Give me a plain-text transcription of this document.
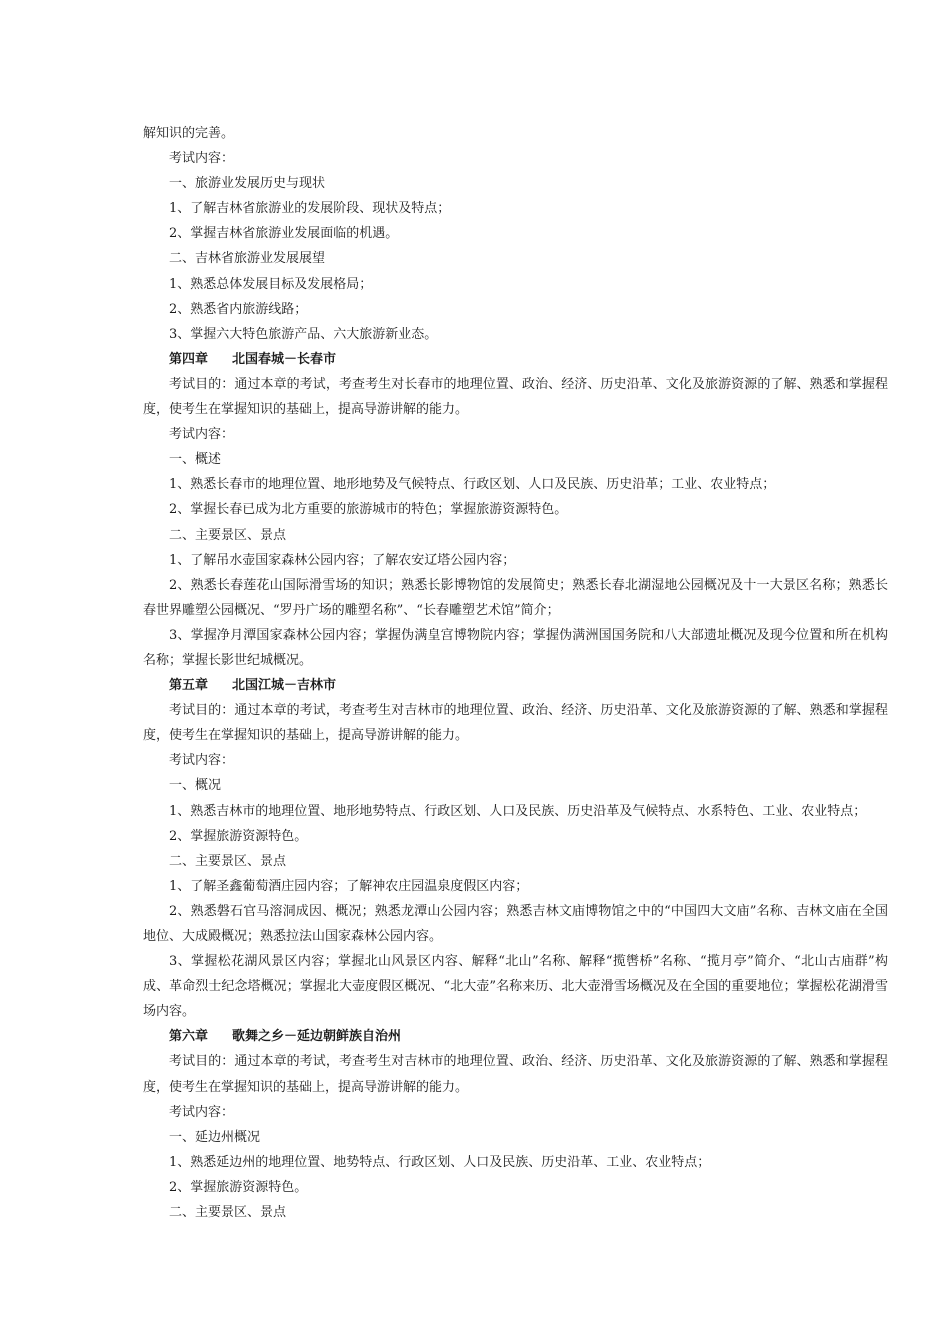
解知识的完善。

考试内容：

一、旅游业发展历史与现状

1、了解吉林省旅游业的发展阶段、现状及特点；

2、掌握吉林省旅游业发展面临的机遇。

二、吉林省旅游业发展展望

1、熟悉总体发展目标及发展格局；

2、熟悉省内旅游线路；

3、掌握六大特色旅游产品、六大旅游新业态。

第四章 北国春城－长春市

考试目的：通过本章的考试，考查考生对长春市的地理位置、政治、经济、历史沿革、文化及旅游资源的了解、熟悉和掌握程度，使考生在掌握知识的基础上，提高导游讲解的能力。

考试内容：

一、概述

1、熟悉长春市的地理位置、地形地势及气候特点、行政区划、人口及民族、历史沿革；工业、农业特点；

2、掌握长春已成为北方重要的旅游城市的特色；掌握旅游资源特色。

二、主要景区、景点

1、了解吊水壶国家森林公园内容；了解农安辽塔公园内容；

2、熟悉长春莲花山国际滑雪场的知识；熟悉长影博物馆的发展简史；熟悉长春北湖湿地公园概况及十一大景区名称；熟悉长春世界雕塑公园概况、“罗丹广场的雕塑名称”、“长春雕塑艺术馆”简介；

3、掌握净月潭国家森林公园内容；掌握伪满皇宫博物院内容；掌握伪满洲国国务院和八大部遗址概况及现今位置和所在机构名称；掌握长影世纪城概况。

第五章 北国江城－吉林市

考试目的：通过本章的考试，考查考生对吉林市的地理位置、政治、经济、历史沿革、文化及旅游资源的了解、熟悉和掌握程度，使考生在掌握知识的基础上，提高导游讲解的能力。

考试内容：

一、概况

1、熟悉吉林市的地理位置、地形地势特点、行政区划、人口及民族、历史沿革及气候特点、水系特色、工业、农业特点；

2、掌握旅游资源特色。

二、主要景区、景点

1、了解圣鑫葡萄酒庄园内容；了解神农庄园温泉度假区内容；

2、熟悉磐石官马溶洞成因、概况；熟悉龙潭山公园内容；熟悉吉林文庙博物馆之中的“中国四大文庙”名称、吉林文庙在全国地位、大成殿概况；熟悉拉法山国家森林公园内容。

3、掌握松花湖风景区内容；掌握北山风景区内容、解释“北山”名称、解释“揽辔桥”名称、“揽月亭”简介、“北山古庙群”构成、革命烈士纪念塔概况；掌握北大壶度假区概况、“北大壶”名称来历、北大壶滑雪场概况及在全国的重要地位；掌握松花湖滑雪场内容。

第六章 歌舞之乡－延边朝鲜族自治州

考试目的：通过本章的考试，考查考生对吉林市的地理位置、政治、经济、历史沿革、文化及旅游资源的了解、熟悉和掌握程度，使考生在掌握知识的基础上，提高导游讲解的能力。

考试内容：

一、延边州概况

1、熟悉延边州的地理位置、地势特点、行政区划、人口及民族、历史沿革、工业、农业特点；

2、掌握旅游资源特色。

二、主要景区、景点
